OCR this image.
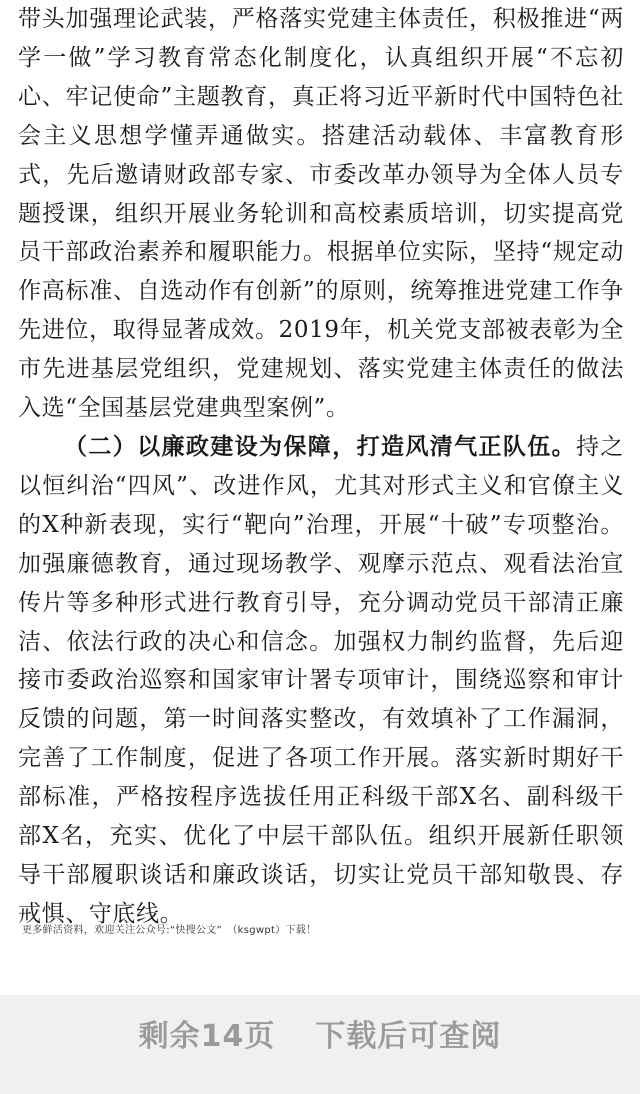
带头加强理论武装，严格落实党建主体责任，积极推进“两学一做”学习教育常态化制度化，认真组织开展“不忘初心、牢记使命”主题教育，真正将习近平新时代中国特色社会主义思想学懂弄通做实。搭建活动载体、丰富教育形式，先后邀请财政部专家、市委改革办领导为全体人员专题授课，组织开展业务轮训和高校素质培训，切实提高党员干部政治素养和履职能力。根据单位实际，坚持“规定动作高标准、自选动作有创新”的原则，统筹推进党建工作争先进位，取得显著成效。2019年，机关党支部被表彰为全市先进基层党组织，党建规划、落实党建主体责任的做法入选“全国基层党建典型案例”。

（二）以廉政建设为保障，打造风清气正队伍。持之以恒纠治“四风”、改进作风，尤其对形式主义和官僚主义的X种新表现，实行“靶向”治理，开展“十破”专项整治。加强廉德教育，通过现场教学、观摩示范点、观看法治宣传片等多种形式进行教育引导，充分调动党员干部清正廉洁、依法行政的决心和信念。加强权力制约监督，先后迎接市委政治巡察和国家审计署专项审计，围绕巡察和审计反馈的问题，第一时间落实整改，有效填补了工作漏洞，完善了工作制度，促进了各项工作开展。落实新时期好干部标准，严格按程序选拔任用正科级干部X名、副科级干部X名，充实、优化了中层干部队伍。组织开展新任职领导干部履职谈话和廉政谈话，切实让党员干部知敬畏、存戒惧、守底线。

更多鲜活资料，欢迎关注公众号:“快搜公文”　（ksgwpt）下载！
剩余14页 下载后可查阅
